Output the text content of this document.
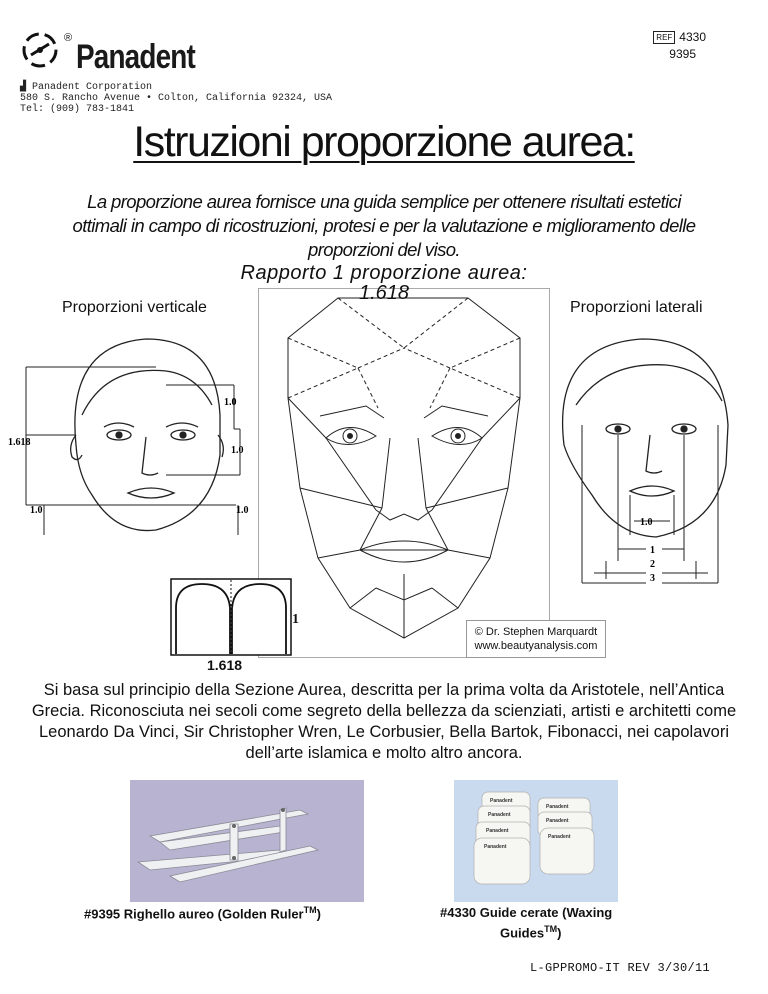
® Panadent
REF 4330
9395
▟ Panadent Corporation
580 S. Rancho Avenue • Colton, California 92324, USA
Tel: (909) 783-1841
Istruzioni proporzione aurea:
La proporzione aurea fornisce una guida semplice per ottenere risultati estetici ottimali in campo di ricostruzioni, protesi e per la valutazione e miglioramento delle proporzioni del viso.
Rapporto 1 proporzione aurea:
1.618
Proporzioni verticale	Proporzioni laterali
1.0
1.618
1.0
1.0	1.0
1.0
1
2
3
1
1.618
© Dr. Stephen Marquardt
www.beautyanalysis.com
Si basa sul principio della Sezione Aurea, descritta per la prima volta da Aristotele, nell’Antica Grecia. Riconosciuta nei secoli come segreto della bellezza da scienziati, artisti e architetti come Leonardo Da Vinci, Sir Christopher Wren, Le Corbusier, Bella Bartok, Fibonacci, nei capolavori dell’arte islamica e molto altro ancora.
Panadent
Panadent
Panadent
Panadent
Panadent
Panadent
Panadent
#9395 Righello aureo (Golden Ruler™)	#4330 Guide cerate (Waxing
Guides™)
L-GPPROMO-IT REV 3/30/11
